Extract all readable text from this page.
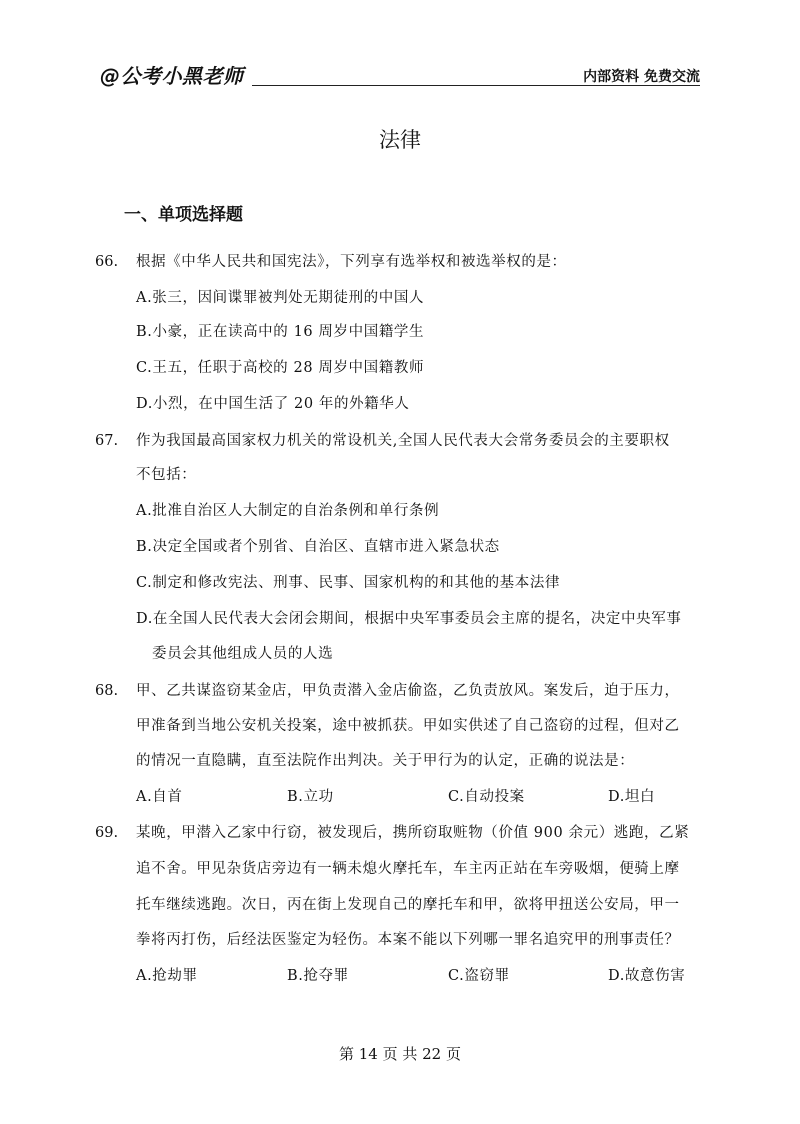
@公考小黑老师	内部资料 免费交流
法律
一、单项选择题
66. 根据《中华人民共和国宪法》，下列享有选举权和被选举权的是：
A.张三，因间谍罪被判处无期徒刑的中国人
B.小豪，正在读高中的 16 周岁中国籍学生
C.王五，任职于高校的 28 周岁中国籍教师
D.小烈，在中国生活了 20 年的外籍华人
67. 作为我国最高国家权力机关的常设机关,全国人民代表大会常务委员会的主要职权
不包括：
A.批准自治区人大制定的自治条例和单行条例
B.决定全国或者个别省、自治区、直辖市进入紧急状态
C.制定和修改宪法、刑事、民事、国家机构的和其他的基本法律
D.在全国人民代表大会闭会期间，根据中央军事委员会主席的提名，决定中央军事
委员会其他组成人员的人选
68. 甲、乙共谋盗窃某金店，甲负责潜入金店偷盗，乙负责放风。案发后，迫于压力，
甲准备到当地公安机关投案，途中被抓获。甲如实供述了自己盗窃的过程，但对乙
的情况一直隐瞒，直至法院作出判决。关于甲行为的认定，正确的说法是：
A.自首	B.立功	C.自动投案	D.坦白
69. 某晚，甲潜入乙家中行窃，被发现后，携所窃取赃物（价值 900 余元）逃跑，乙紧
追不舍。甲见杂货店旁边有一辆未熄火摩托车，车主丙正站在车旁吸烟，便骑上摩
托车继续逃跑。次日，丙在街上发现自己的摩托车和甲，欲将甲扭送公安局，甲一
拳将丙打伤，后经法医鉴定为轻伤。本案不能以下列哪一罪名追究甲的刑事责任？
A.抢劫罪	B.抢夺罪	C.盗窃罪	D.故意伤害
第 14 页 共 22 页
